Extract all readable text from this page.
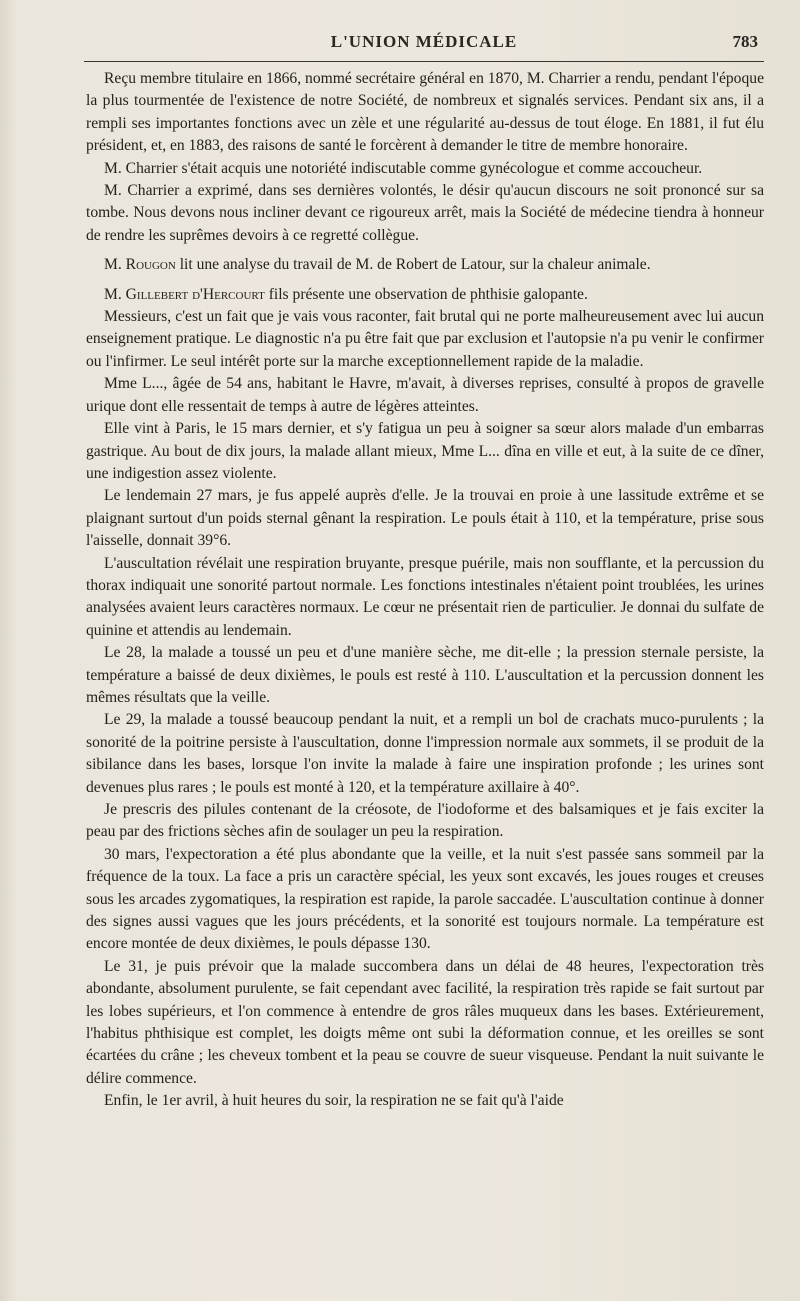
L'UNION MÉDICALE	783

Reçu membre titulaire en 1866, nommé secrétaire général en 1870, M. Charrier a rendu, pendant l'époque la plus tourmentée de l'existence de notre Société, de nombreux et signalés services. Pendant six ans, il a rempli ses importantes fonctions avec un zèle et une régularité au-dessus de tout éloge. En 1881, il fut élu président, et, en 1883, des raisons de santé le forcèrent à demander le titre de membre honoraire.

M. Charrier s'était acquis une notoriété indiscutable comme gynécologue et comme accoucheur.

M. Charrier a exprimé, dans ses dernières volontés, le désir qu'aucun discours ne soit prononcé sur sa tombe. Nous devons nous incliner devant ce rigoureux arrêt, mais la Société de médecine tiendra à honneur de rendre les suprêmes devoirs à ce regretté collègue.

M. Rougon lit une analyse du travail de M. de Robert de Latour, sur la chaleur animale.

M. Gillebert d'Hercourt fils présente une observation de phthisie galopante.

Messieurs, c'est un fait que je vais vous raconter, fait brutal qui ne porte malheureusement avec lui aucun enseignement pratique. Le diagnostic n'a pu être fait que par exclusion et l'autopsie n'a pu venir le confirmer ou l'infirmer. Le seul intérêt porte sur la marche exceptionnellement rapide de la maladie.

Mme L..., âgée de 54 ans, habitant le Havre, m'avait, à diverses reprises, consulté à propos de gravelle urique dont elle ressentait de temps à autre de légères atteintes.

Elle vint à Paris, le 15 mars dernier, et s'y fatigua un peu à soigner sa sœur alors malade d'un embarras gastrique. Au bout de dix jours, la malade allant mieux, Mme L... dîna en ville et eut, à la suite de ce dîner, une indigestion assez violente.

Le lendemain 27 mars, je fus appelé auprès d'elle. Je la trouvai en proie à une lassitude extrême et se plaignant surtout d'un poids sternal gênant la respiration. Le pouls était à 110, et la température, prise sous l'aisselle, donnait 39°6.

L'auscultation révélait une respiration bruyante, presque puérile, mais non soufflante, et la percussion du thorax indiquait une sonorité partout normale. Les fonctions intestinales n'étaient point troublées, les urines analysées avaient leurs caractères normaux. Le cœur ne présentait rien de particulier. Je donnai du sulfate de quinine et attendis au lendemain.

Le 28, la malade a toussé un peu et d'une manière sèche, me dit-elle ; la pression sternale persiste, la température a baissé de deux dixièmes, le pouls est resté à 110. L'auscultation et la percussion donnent les mêmes résultats que la veille.

Le 29, la malade a toussé beaucoup pendant la nuit, et a rempli un bol de crachats muco-purulents ; la sonorité de la poitrine persiste à l'auscultation, donne l'impression normale aux sommets, il se produit de la sibilance dans les bases, lorsque l'on invite la malade à faire une inspiration profonde ; les urines sont devenues plus rares ; le pouls est monté à 120, et la température axillaire à 40°.

Je prescris des pilules contenant de la créosote, de l'iodoforme et des balsamiques et je fais exciter la peau par des frictions sèches afin de soulager un peu la respiration.

30 mars, l'expectoration a été plus abondante que la veille, et la nuit s'est passée sans sommeil par la fréquence de la toux. La face a pris un caractère spécial, les yeux sont excavés, les joues rouges et creuses sous les arcades zygomatiques, la respiration est rapide, la parole saccadée. L'auscultation continue à donner des signes aussi vagues que les jours précédents, et la sonorité est toujours normale. La température est encore montée de deux dixièmes, le pouls dépasse 130.

Le 31, je puis prévoir que la malade succombera dans un délai de 48 heures, l'expectoration très abondante, absolument purulente, se fait cependant avec facilité, la respiration très rapide se fait surtout par les lobes supérieurs, et l'on commence à entendre de gros râles muqueux dans les bases. Extérieurement, l'habitus phthisique est complet, les doigts même ont subi la déformation connue, et les oreilles se sont écartées du crâne ; les cheveux tombent et la peau se couvre de sueur visqueuse. Pendant la nuit suivante le délire commence.

Enfin, le 1er avril, à huit heures du soir, la respiration ne se fait qu'à l'aide
